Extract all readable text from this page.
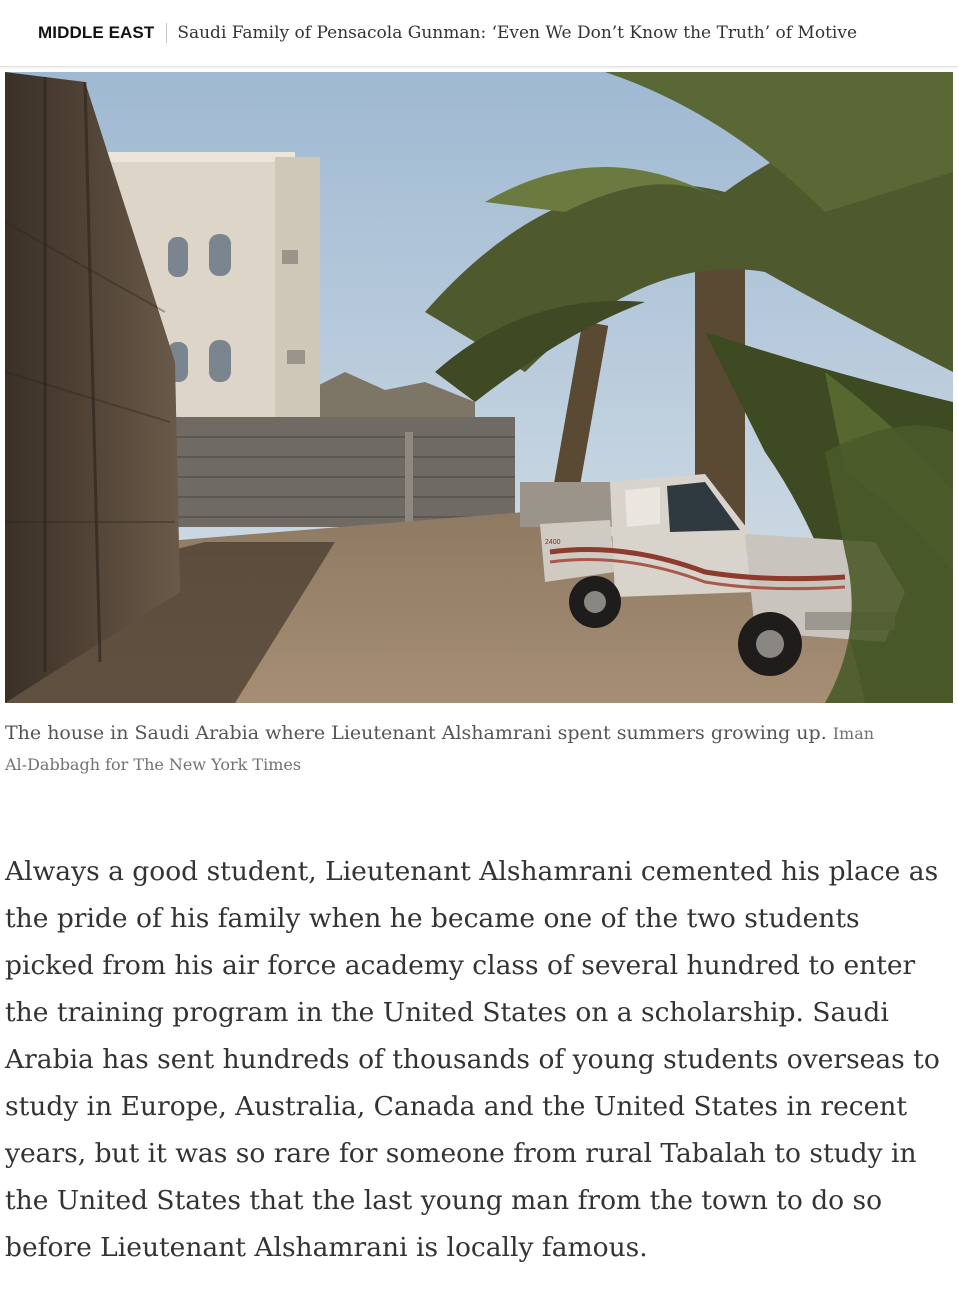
MIDDLE EAST Saudi Family of Pensacola Gunman: ‘Even We Don’t Know the Truth’ of Motive
2400
The house in Saudi Arabia where Lieutenant Alshamrani spent summers growing up. Iman Al-Dabbagh for The New York Times

Always a good student, Lieutenant Alshamrani cemented his place as the pride of his family when he became one of the two students picked from his air force academy class of several hundred to enter the training program in the United States on a scholarship. Saudi Arabia has sent hundreds of thousands of young students overseas to study in Europe, Australia, Canada and the United States in recent years, but it was so rare for someone from rural Tabalah to study in the United States that the last young man from the town to do so before Lieutenant Alshamrani is locally famous.
